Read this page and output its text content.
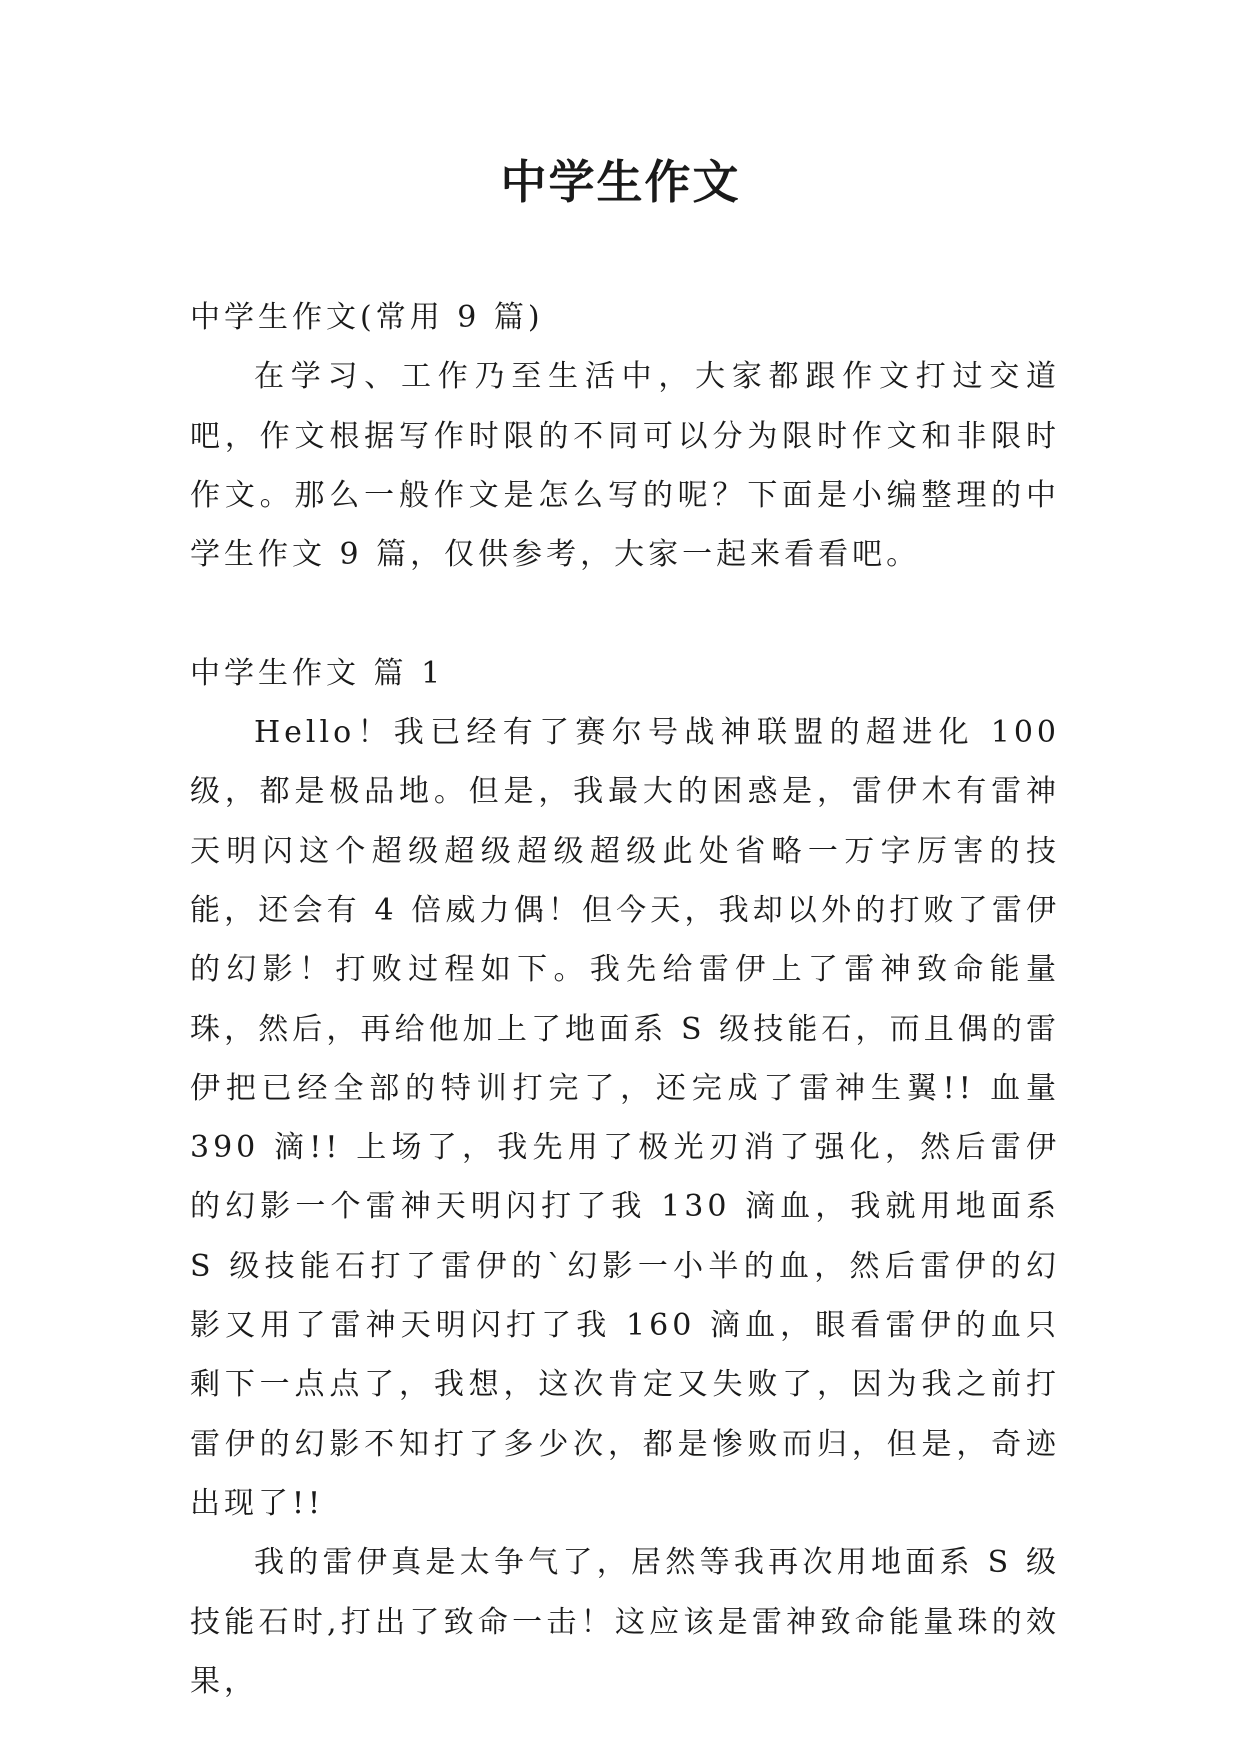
中学生作文

中学生作文(常用 9 篇)

在学习、工作乃至生活中，大家都跟作文打过交道吧，作文根据写作时限的不同可以分为限时作文和非限时作文。那么一般作文是怎么写的呢？下面是小编整理的中学生作文 9 篇，仅供参考，大家一起来看看吧。

中学生作文 篇 1

Hello！我已经有了赛尔号战神联盟的超进化 100 级，都是极品地。但是，我最大的困惑是，雷伊木有雷神天明闪这个超级超级超级超级此处省略一万字厉害的技能，还会有 4 倍威力偶！但今天，我却以外的打败了雷伊的幻影！打败过程如下。我先给雷伊上了雷神致命能量珠，然后，再给他加上了地面系 S 级技能石，而且偶的雷伊把已经全部的特训打完了，还完成了雷神生翼!! 血量 390 滴!! 上场了，我先用了极光刃消了强化，然后雷伊的幻影一个雷神天明闪打了我 130 滴血，我就用地面系 S 级技能石打了雷伊的`幻影一小半的血，然后雷伊的幻影又用了雷神天明闪打了我 160 滴血，眼看雷伊的血只剩下一点点了，我想，这次肯定又失败了，因为我之前打雷伊的幻影不知打了多少次，都是惨败而归，但是，奇迹出现了!!

我的雷伊真是太争气了，居然等我再次用地面系 S 级技能石时,打出了致命一击！这应该是雷神致命能量珠的效果，
